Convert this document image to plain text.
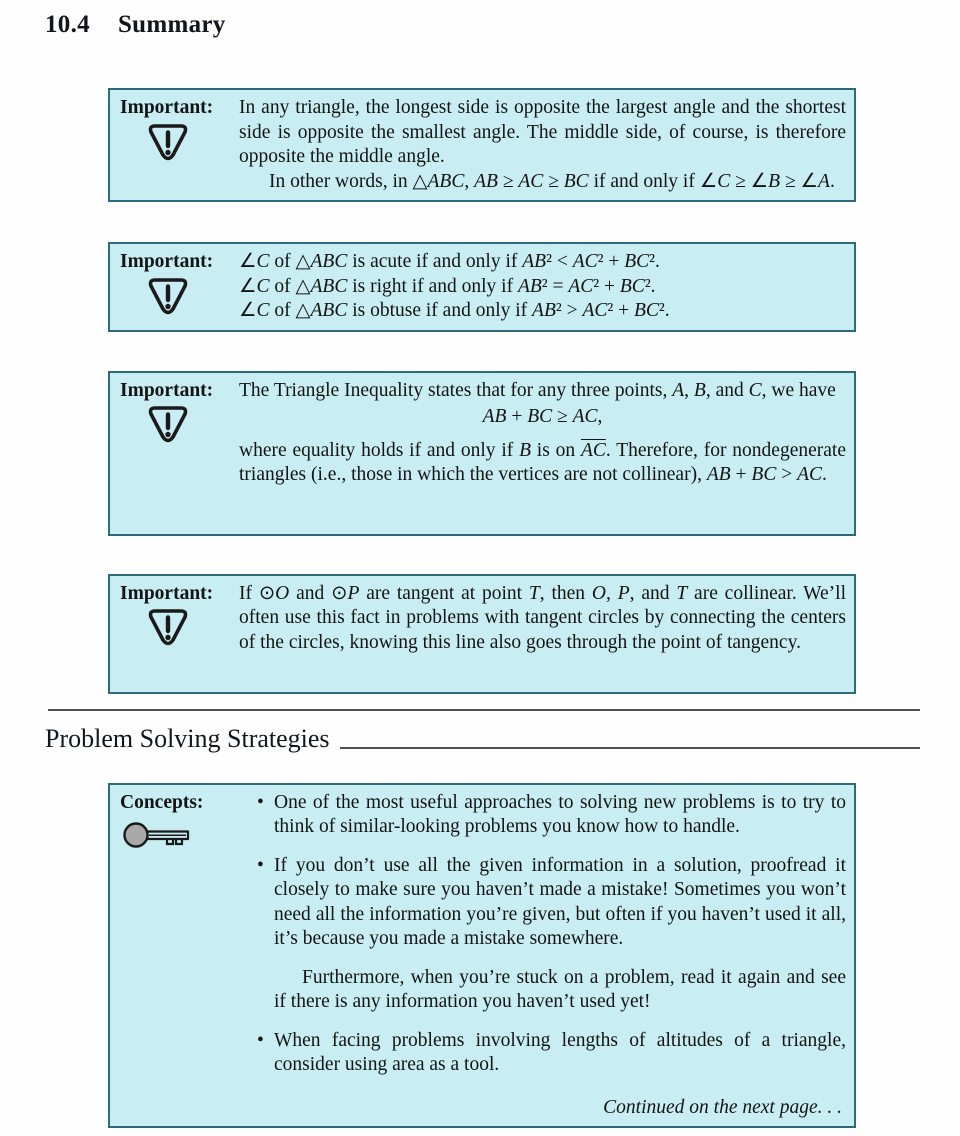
10.4 Summary
Important:	In any triangle, the longest side is opposite the largest angle and the shortest side is opposite the smallest angle. The middle side, of course, is therefore opposite the middle angle.
In other words, in △ABC, AB ≥ AC ≥ BC if and only if ∠C ≥ ∠B ≥ ∠A.
Important:	∠C of △ABC is acute if and only if AB² < AC² + BC².
∠C of △ABC is right if and only if AB² = AC² + BC².
∠C of △ABC is obtuse if and only if AB² > AC² + BC².
Important:	The Triangle Inequality states that for any three points, A, B, and C, we have
AB + BC ≥ AC,
where equality holds if and only if B is on $\overline{AC}$. Therefore, for nondegenerate triangles (i.e., those in which the vertices are not collinear), AB + BC > AC.
Important:	If ⊙O and ⊙P are tangent at point T, then O, P, and T are collinear. We’ll often use this fact in problems with tangent circles by connecting the centers of the circles, knowing this line also goes through the point of tangency.
Problem Solving Strategies
Concepts:	• One of the most useful approaches to solving new problems is to try to think of similar-looking problems you know how to handle.
• If you don’t use all the given information in a solution, proofread it closely to make sure you haven’t made a mistake! Sometimes you won’t need all the information you’re given, but often if you haven’t used it all, it’s because you made a mistake somewhere.
Furthermore, when you’re stuck on a problem, read it again and see if there is any information you haven’t used yet!
• When facing problems involving lengths of altitudes of a triangle, consider using area as a tool.
Continued on the next page. . .
